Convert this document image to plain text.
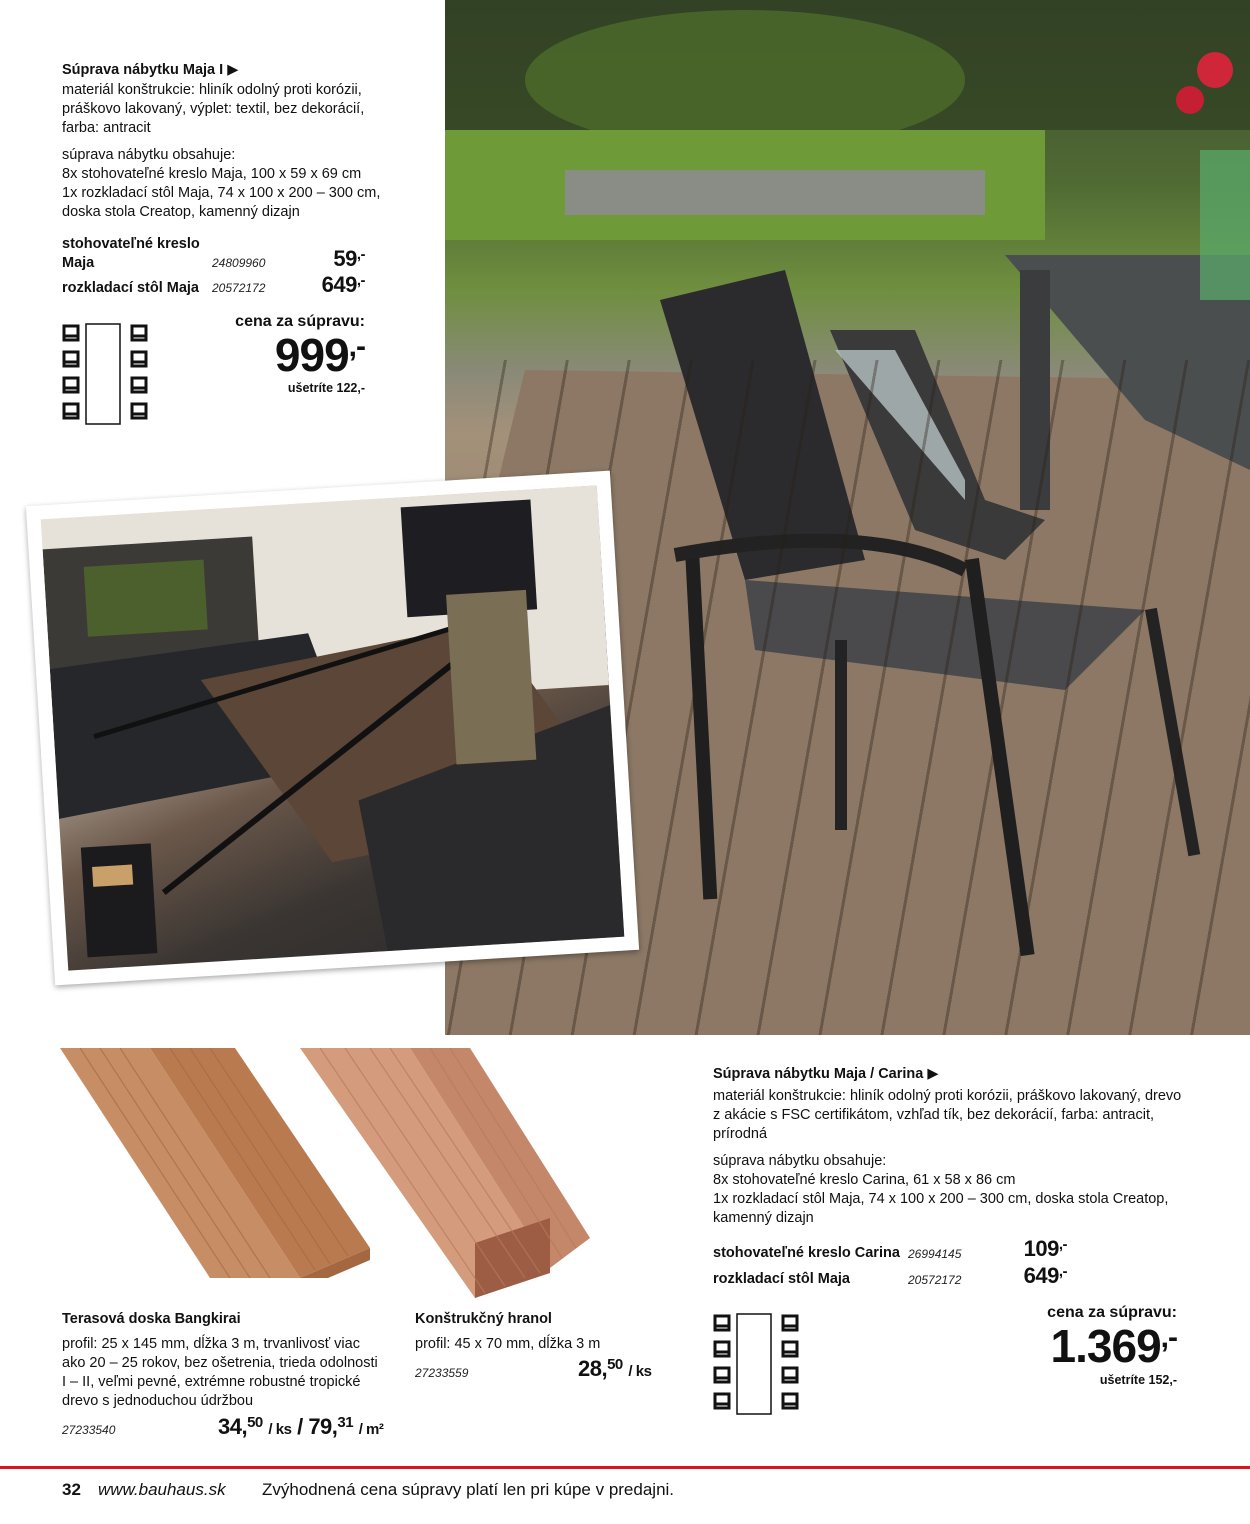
Súprava nábytku Maja I ▶
materiál konštrukcie: hliník odolný proti korózii,
práškovo lakovaný, výplet: textil, bez dekorácií,
farba: antracit
súprava nábytku obsahuje:
8x stohovateľné kreslo Maja, 100 x 59 x 69 cm
1x rozkladací stôl Maja, 74 x 100 x 200 – 300 cm,
doska stola Creatop, kamenný dizajn
stohovateľné kreslo
Maja	24809960	59,-
rozkladací stôl Maja 20572172	649,-
cena za súpravu:
999,-
ušetríte 122,-
Terasová doska Bangkirai
profil: 25 x 145 mm, dĺžka 3 m, trvanlivosť viac
ako 20 – 25 rokov, bez ošetrenia, trieda odolnosti
I – II, veľmi pevné, extrémne robustné tropické
drevo s jednoduchou údržbou
27233540	34,50 / ks / 79,31 / m²
Konštrukčný hranol
profil: 45 x 70 mm, dĺžka 3 m
27233559	28,50 / ks
Súprava nábytku Maja / Carina ▶
materiál konštrukcie: hliník odolný proti korózii, práškovo lakovaný, drevo
z akácie s FSC certifikátom, vzhľad tík, bez dekorácií, farba: antracit,
prírodná
súprava nábytku obsahuje:
8x stohovateľné kreslo Carina, 61 x 58 x 86 cm
1x rozkladací stôl Maja, 74 x 100 x 200 – 300 cm, doska stola Creatop,
kamenný dizajn
stohovateľné kreslo Carina 26994145	109,-
rozkladací stôl Maja	20572172	649,-
cena za súpravu:
1.369,-
ušetríte 152,-
32 www.bauhaus.sk Zvýhodnená cena súpravy platí len pri kúpe v predajni.
